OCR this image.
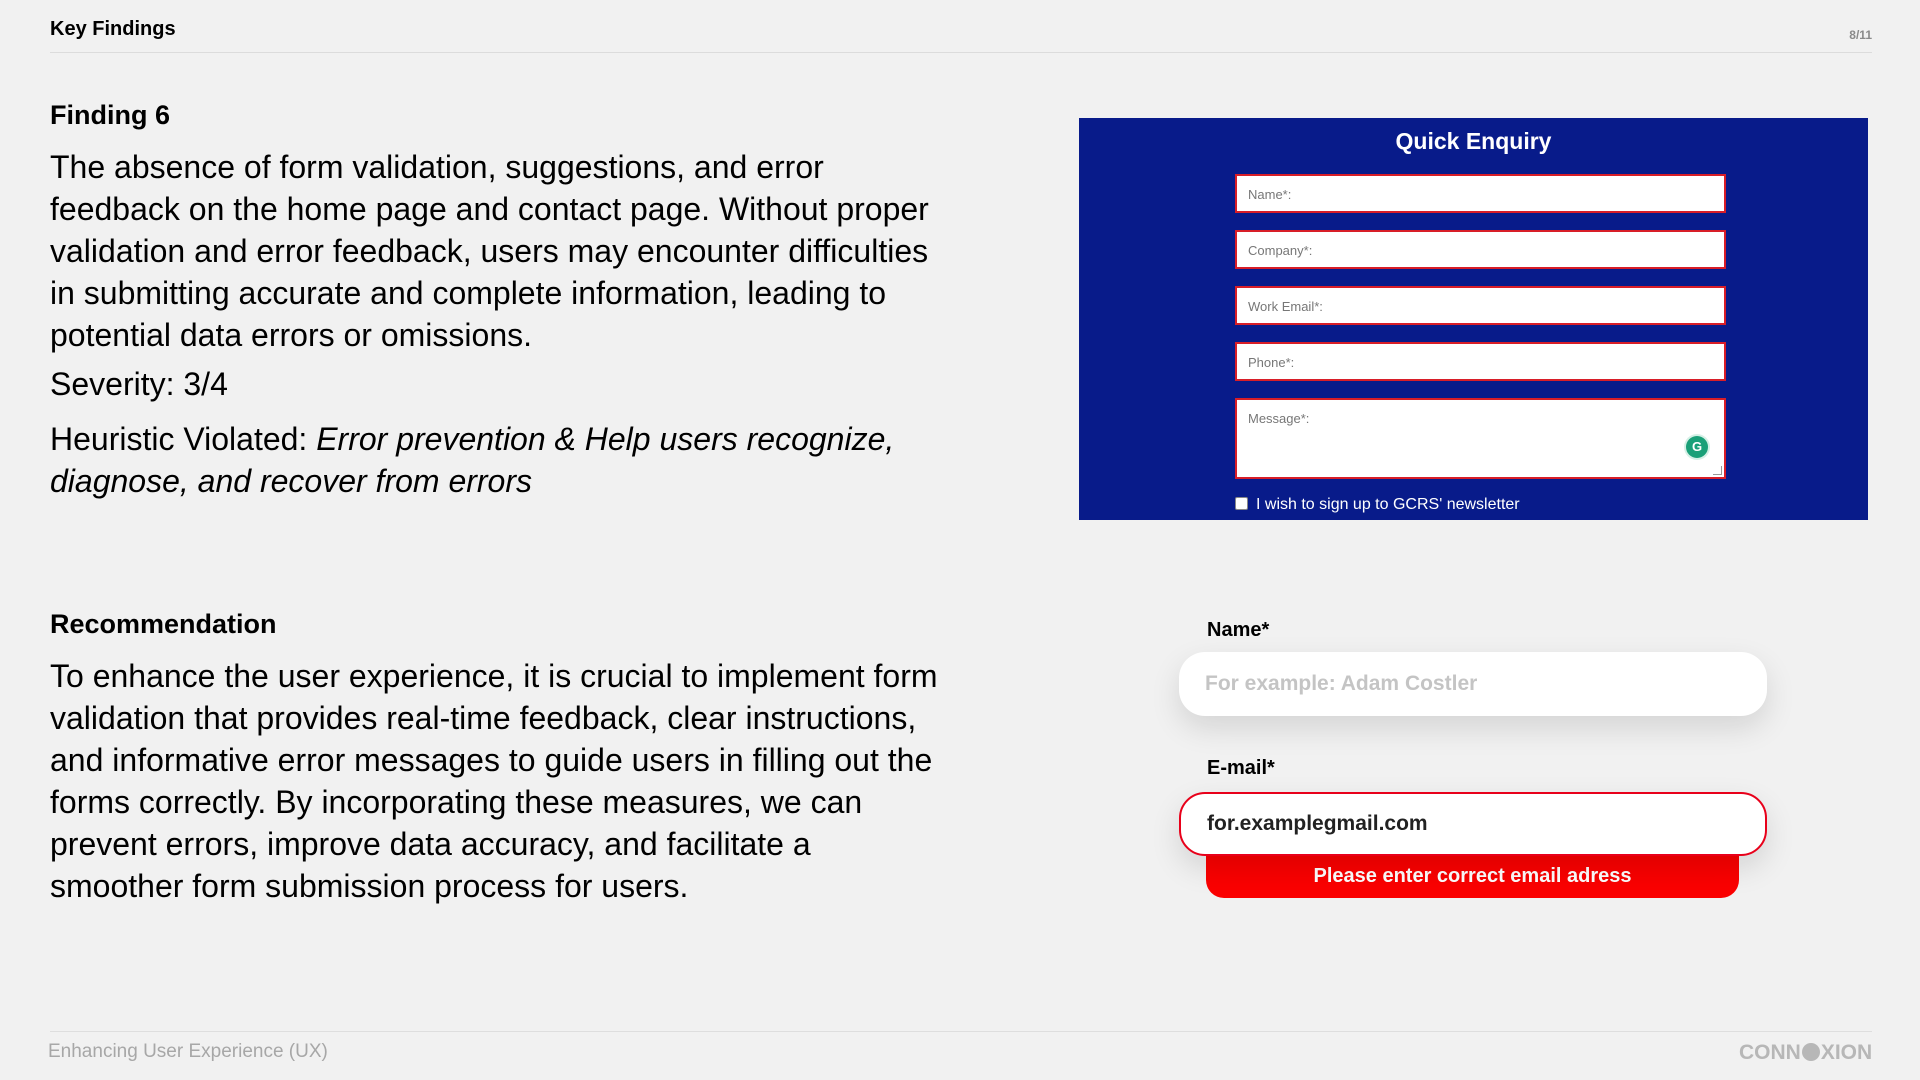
Key Findings	8/11
Finding 6
The absence of form validation, suggestions, and error feedback on the home page and contact page. Without proper validation and error feedback, users may encounter difficulties in submitting accurate and complete information, leading to potential data errors or omissions.
Severity: 3/4
Heuristic Violated: Error prevention & Help users recognize, diagnose, and recover from errors
Recommendation
To enhance the user experience, it is crucial to implement form validation that provides real-time feedback, clear instructions, and informative error messages to guide users in filling out the forms correctly. By incorporating these measures, we can prevent errors, improve data accuracy, and facilitate a smoother form submission process for users.
Quick Enquiry
Name*:
Company*:
Work Email*:
Phone*:
Message*:
G
I wish to sign up to GCRS' newsletter
Name*
For example: Adam Costler
E-mail*
Please enter correct email adress
for.examplegmail.com
Enhancing User Experience (UX)	CONN XION
